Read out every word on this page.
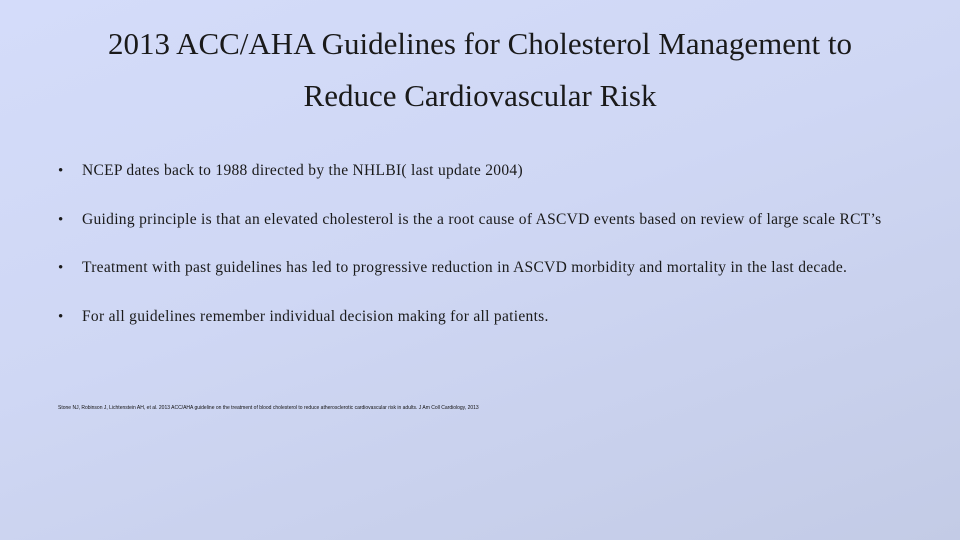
2013 ACC/AHA Guidelines for Cholesterol Management to
Reduce Cardiovascular Risk
•	NCEP dates back to 1988 directed by the NHLBI( last update 2004)
•	Guiding principle is that an elevated cholesterol is the a root cause of ASCVD events based on review of large scale RCT’s
•	Treatment with past guidelines has led to progressive reduction in ASCVD morbidity and mortality in the last decade.
•	For all guidelines remember individual decision making for all patients.
Stone NJ, Robinson J, Lichtenstein AH, et al. 2013 ACC/AHA guideline on the treatment of blood cholesterol to reduce atherosclerotic cardiovascular risk in adults. J Am Coll Cardiology, 2013
